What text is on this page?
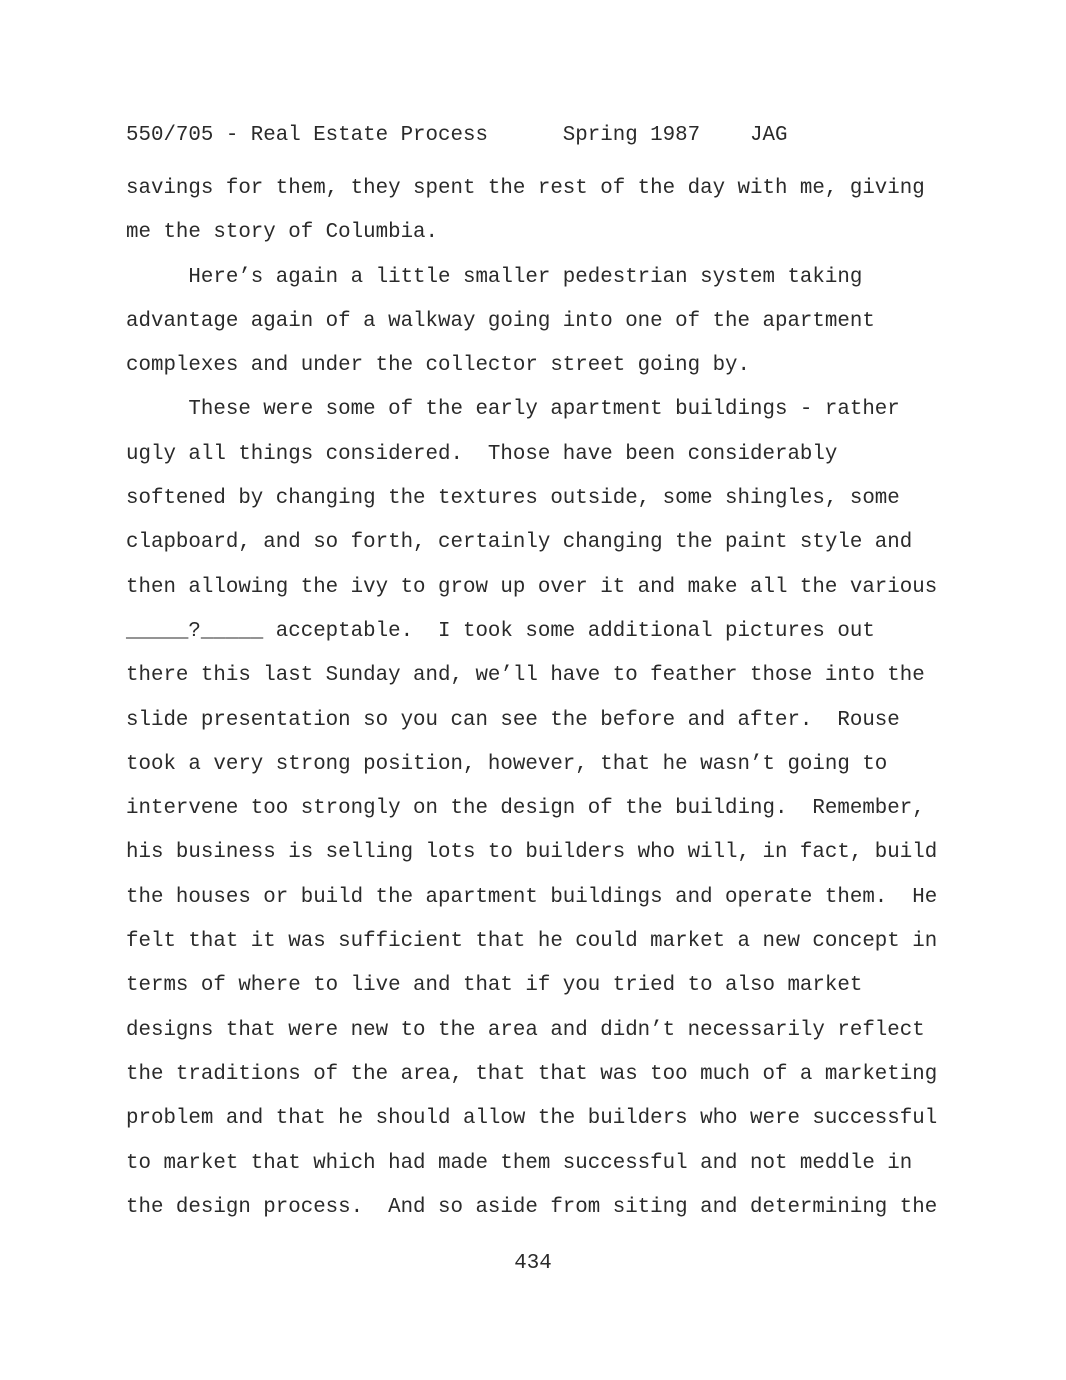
550/705 - Real Estate Process      Spring 1987    JAG
savings for them, they spent the rest of the day with me, giving
me the story of Columbia.
Here’s again a little smaller pedestrian system taking
advantage again of a walkway going into one of the apartment
complexes and under the collector street going by.
These were some of the early apartment buildings - rather
ugly all things considered.  Those have been considerably
softened by changing the textures outside, some shingles, some
clapboard, and so forth, certainly changing the paint style and
then allowing the ivy to grow up over it and make all the various
_____?_____ acceptable.  I took some additional pictures out
there this last Sunday and, we’ll have to feather those into the
slide presentation so you can see the before and after.  Rouse
took a very strong position, however, that he wasn’t going to
intervene too strongly on the design of the building.  Remember,
his business is selling lots to builders who will, in fact, build
the houses or build the apartment buildings and operate them.  He
felt that it was sufficient that he could market a new concept in
terms of where to live and that if you tried to also market
designs that were new to the area and didn’t necessarily reflect
the traditions of the area, that that was too much of a marketing
problem and that he should allow the builders who were successful
to market that which had made them successful and not meddle in
the design process.  And so aside from siting and determining the
434
